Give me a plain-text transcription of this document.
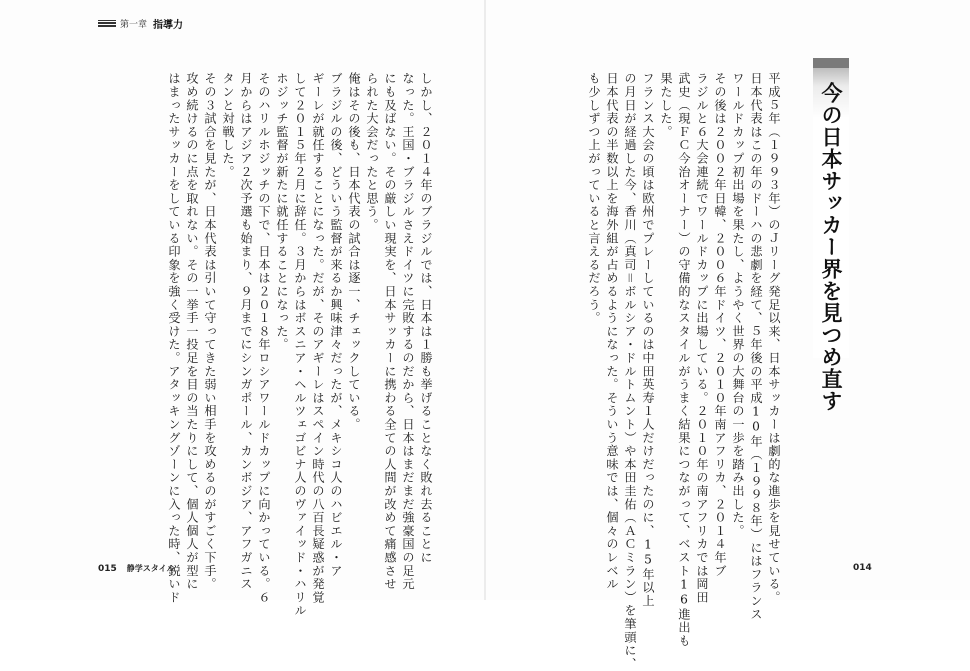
第一章 指導力
今の日本サッカー界を見つめ直す

平成５年（１９９３年）のＪリーグ発足以来、日本サッカーは劇的な進歩を見せている。

日本代表はこの年のドーハの悲劇を経て、５年後の平成10年（１９９８年）にはフランス

ワールドカップ初出場を果たし、ようやく世界の大舞台の一歩を踏み出した。

その後は２００２年日韓、２００６年ドイツ、２０１０年南アフリカ、２０１４年ブ

ラジルと６大会連続でワールドカップに出場している。２０１０年の南アフリカでは岡田

武史（現ＦＣ今治オーナー）の守備的なスタイルがうまく結果につながって、ベスト16進出も

果たした。

フランス大会の頃は欧州でプレーしているのは中田英寿１人だけだったのに、15年以上

の月日が経過した今、香川（真司＝ボルシア・ドルトムント）や本田圭佑（ＡＣミラン）を筆頭に、

日本代表の半数以上を海外組が占めるようになった。そういう意味では、個々のレベル

も少しずつ上がっていると言えるだろう。

しかし、２０１４年のブラジルでは、日本は１勝も挙げることなく敗れ去ることに

なった。王国・ブラジルさえドイツに完敗するのだから、日本はまだまだ強豪国の足元

にも及ばない。その厳しい現実を、日本サッカーに携わる全ての人間が改めて痛感させ

られた大会だったと思う。

俺はその後も、日本代表の試合は逐一、チェックしている。

ブラジルの後、どういう監督が来るか興味津々だったが、メキシコ人のハビエル・ア

ギーレが就任することになった。だが、そのアギーレはスペイン時代の八百長疑惑が発覚

して２０１５年２月に辞任。３月からはボスニア・ヘルツェゴビナ人のヴァイッド・ハリル

ホジッチ監督が新たに就任することになった。

そのハリルホジッチの下で、日本は２０１８年ロシアワールドカップに向かっている。６

月からはアジア２次予選も始まり、９月までにシンガポール、カンボジア、アフガニス

タンと対戦した。

その３試合を見たが、日本代表は引いて守ってきた弱い相手を攻めるのがすごく下手。

攻め続けるのに点を取れない。その一挙手一投足を目の当たりにして、個人個人が型に

はまったサッカーをしている印象を強く受けた。アタッキングゾーンに入った時、鋭いド

015 静学スタイル	014
